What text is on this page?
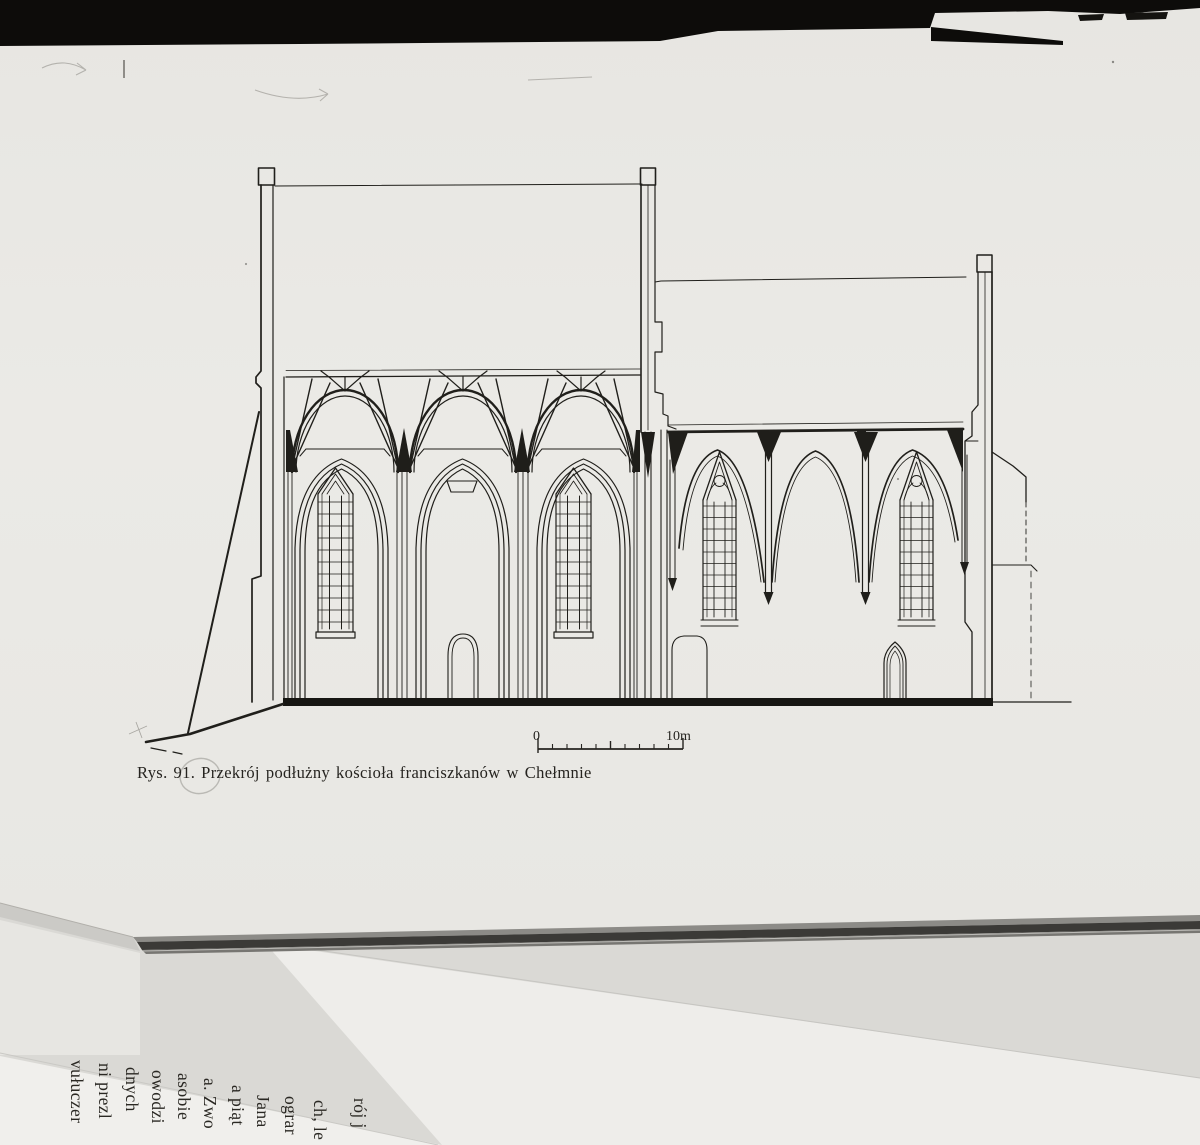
0	10m
Rys. 91. Przekrój podłużny kościoła franciszkanów w Chełmnie
vułuczer ni prezl dnych owodzi asobie a. Zwo a piąt Jana ograr ch, le rój j
